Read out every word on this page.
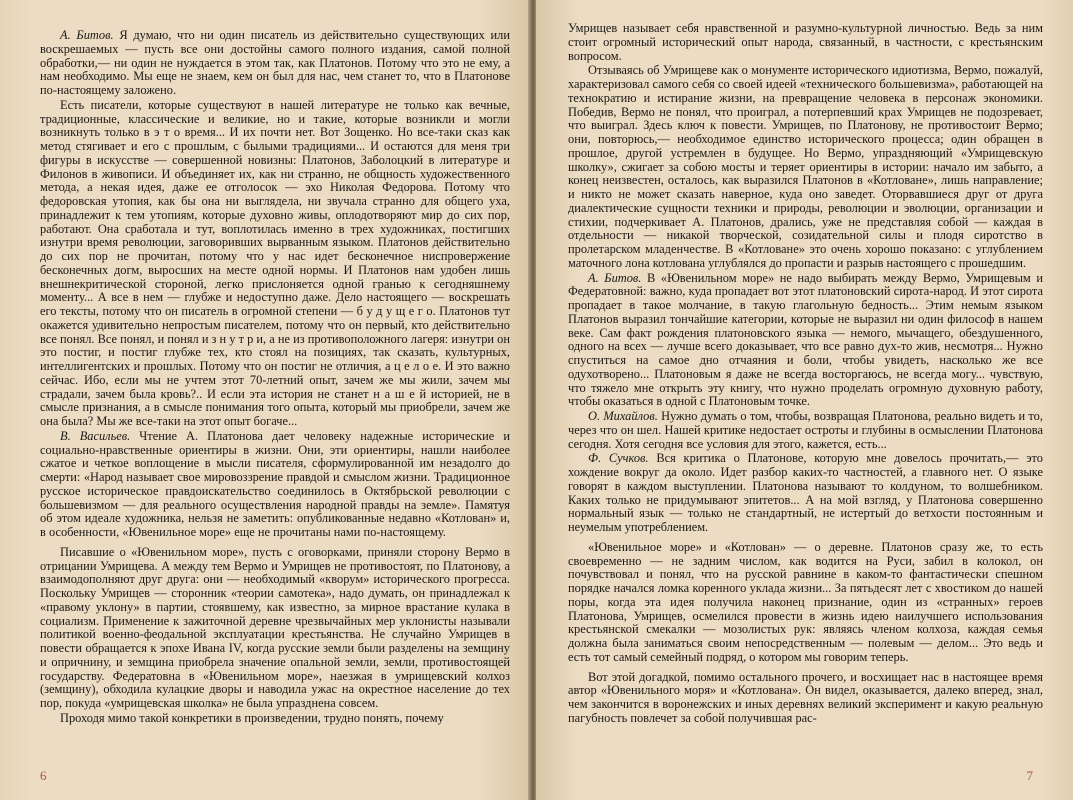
А. Битов. Я думаю, что ни один писатель из действительно существующих или воскрешаемых — пусть все они достойны самого полного издания, самой полной обработки,— ни один не нуждается в этом так, как Платонов. Потому что это не ему, а нам необходимо. Мы еще не знаем, кем он был для нас, чем станет то, что в Платонове по-настоящему заложено.

Есть писатели, которые существуют в нашей литературе не только как вечные, традиционные, классические и великие, но и такие, которые возникли и могли возникнуть только в э т о время... И их почти нет. Вот Зощенко. Но все-таки сказ как метод стягивает и его с прошлым, с былыми традициями... И остаются для меня три фигуры в искусстве — совершенной новизны: Платонов, Заболоцкий в литературе и Филонов в живописи. И объединяет их, как ни странно, не общность художественного метода, а некая идея, даже ее отголосок — эхо Николая Федорова. Потому что федоровская утопия, как бы она ни выглядела, ни звучала странно для общего уха, принадлежит к тем утопиям, которые духовно живы, оплодотворяют мир до сих пор, работают. Она сработала и тут, воплотилась именно в трех художниках, постигших изнутри время революции, заговоривших вырванным языком. Платонов действительно до сих пор не прочитан, потому что у нас идет бесконечное ниспровержение бесконечных догм, выросших на месте одной нормы. И Платонов нам удобен лишь внешнекритической стороной, легко прислоняется одной гранью к сегодняшнему моменту... А все в нем — глубже и недоступно даже. Дело настоящего — воскрешать его тексты, потому что он писатель в огромной степени — б у д у щ е г о. Платонов тут окажется удивительно непростым писателем, потому что он первый, кто действительно все понял. Все понял, и понял и з н у т р и, а не из противоположного лагеря: изнутри он это постиг, и постиг глубже тех, кто стоял на позициях, так сказать, культурных, интеллигентских и прошлых. Потому что он постиг не отличия, а ц е л о е. И это важно сейчас. Ибо, если мы не учтем этот 70-летний опыт, зачем же мы жили, зачем мы страдали, зачем была кровь?.. И если эта история не станет н а ш е й историей, не в смысле признания, а в смысле понимания того опыта, который мы приобрели, зачем же она была? Мы же все-таки на этот опыт богаче...

В. Васильев. Чтение А. Платонова дает человеку надежные исторические и социально-нравственные ориентиры в жизни. Они, эти ориентиры, нашли наиболее сжатое и четкое воплощение в мысли писателя, сформулированной им незадолго до смерти: «Народ называет свое мировоззрение правдой и смыслом жизни. Традиционное русское историческое правдоискательство соединилось в Октябрьской революции с большевизмом — для реального осуществления народной правды на земле». Памятуя об этом идеале художника, нельзя не заметить: опубликованные недавно «Котлован» и, в особенности, «Ювенильное море» еще не прочитаны нами по-настоящему.

Писавшие о «Ювенильном море», пусть с оговорками, приняли сторону Вермо в отрицании Умрищева. А между тем Вермо и Умрищев не противостоят, по Платонову, а взаимодополняют друг друга: они — необходимый «кворум» исторического прогресса. Поскольку Умрищев — сторонник «теории самотека», надо думать, он принадлежал к «правому уклону» в партии, стоявшему, как известно, за мирное врастание кулака в социализм. Применение к зажиточной деревне чрезвычайных мер уклонисты называли политикой военно-феодальной эксплуатации крестьянства. Не случайно Умрищев в повести обращается к эпохе Ивана IV, когда русские земли были разделены на земщину и опричнину, и земщина приобрела значение опальной земли, земли, противостоящей государству. Федератовна в «Ювенильном море», наезжая в умрищевский колхоз (земщину), обходила кулацкие дворы и наводила ужас на окрестное население до тех пор, покуда «умрищевская школка» не была упразднена совсем.

Проходя мимо такой конкретики в произведении, трудно понять, почему

6

Умрищев называет себя нравственной и разумно-культурной личностью. Ведь за ним стоит огромный исторический опыт народа, связанный, в частности, с крестьянским вопросом.

Отзываясь об Умрищеве как о монументе исторического идиотизма, Вермо, пожалуй, характеризовал самого себя со своей идеей «технического большевизма», работающей на технократию и истирание жизни, на превращение человека в персонаж экономики. Победив, Вермо не понял, что проиграл, а потерпевший крах Умрищев не подозревает, что выиграл. Здесь ключ к повести. Умрищев, по Платонову, не противостоит Вермо; они, повторюсь,— необходимое единство исторического процесса; один обращен в прошлое, другой устремлен в будущее. Но Вермо, упраздняющий «Умрищевскую школку», сжигает за собою мосты и теряет ориентиры в истории: начало им забыто, а конец неизвестен, осталось, как выразился Платонов в «Котловане», лишь направление; и никто не может сказать наверное, куда оно заведет. Оторвавшиеся друг от друга диалектические сущности техники и природы, революции и эволюции, организации и стихии, подчеркивает А. Платонов, дрались, уже не представляя собой — каждая в отдельности — никакой творческой, созидательной силы и плодя сиротство в пролетарском младенчестве. В «Котловане» это очень хорошо показано: с углублением маточного лона котлована углублялся до пропасти и разрыв настоящего с прошедшим.

А. Битов. В «Ювенильном море» не надо выбирать между Вермо, Умрищевым и Федератовной: важно, куда пропадает вот этот платоновский сирота-народ. И этот сирота пропадает в такое молчание, в такую глагольную бедность... Этим немым языком Платонов выразил тончайшие категории, которые не выразил ни один философ в нашем веке. Сам факт рождения платоновского языка — немого, мычащего, обездушенного, одного на всех — лучше всего доказывает, что все равно дух-то жив, несмотря... Нужно спуститься на самое дно отчаяния и боли, чтобы увидеть, насколько же все одухотворено... Платоновым я даже не всегда восторгаюсь, не всегда могу... чувствую, что тяжело мне открыть эту книгу, что нужно проделать огромную духовную работу, чтобы оказаться в одной с Платоновым точке.

О. Михайлов. Нужно думать о том, чтобы, возвращая Платонова, реально видеть и то, через что он шел. Нашей критике недостает остроты и глубины в осмыслении Платонова сегодня. Хотя сегодня все условия для этого, кажется, есть...

Ф. Сучков. Вся критика о Платонове, которую мне довелось прочитать,— это хождение вокруг да около. Идет разбор каких-то частностей, а главного нет. О языке говорят в каждом выступлении. Платонова называют то колдуном, то волшебником. Каких только не придумывают эпитетов... А на мой взгляд, у Платонова совершенно нормальный язык — только не стандартный, не истертый до ветхости постоянным и неумелым употреблением.

«Ювенильное море» и «Котлован» — о деревне. Платонов сразу же, то есть своевременно — не задним числом, как водится на Руси, забил в колокол, он почувствовал и понял, что на русской равнине в каком-то фантастически спешном порядке начался ломка коренного уклада жизни... За пятьдесят лет с хвостиком до нашей поры, когда эта идея получила наконец признание, один из «странных» героев Платонова, Умрищев, осмелился провести в жизнь идею наилучшего использования крестьянской смекалки — мозолистых рук: являясь членом колхоза, каждая семья должна была заниматься своим непосредственным — полевым — делом... Это ведь и есть тот самый семейный подряд, о котором мы говорим теперь.

Вот этой догадкой, помимо остального прочего, и восхищает нас в настоящее время автор «Ювенильного моря» и «Котлована». Он видел, оказывается, далеко вперед, знал, чем закончится в воронежских и иных деревнях великий эксперимент и какую реальную пагубность повлечет за собой получившая рас-

7
